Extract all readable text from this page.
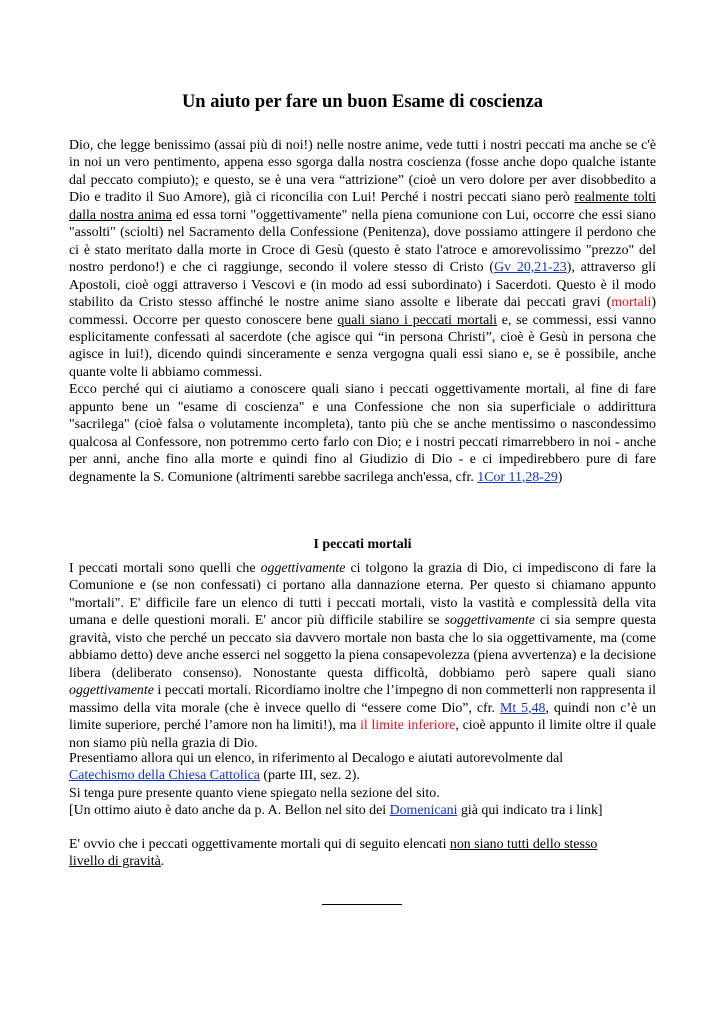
Un aiuto per fare un buon Esame di coscienza

Dio, che legge benissimo (assai più di noi!) nelle nostre anime, vede tutti i nostri peccati ma anche se c'è in noi un vero pentimento, appena esso sgorga dalla nostra coscienza (fosse anche dopo qualche istante dal peccato compiuto); e questo, se è una vera “attrizione” (cioè un vero dolore per aver disobbedito a Dio e tradito il Suo Amore), già ci riconcilia con Lui! Perché i nostri peccati siano però realmente tolti dalla nostra anima ed essa torni "oggettivamente" nella piena comunione con Lui, occorre che essi siano "assolti" (sciolti) nel Sacramento della Confessione (Penitenza), dove possiamo attingere il perdono che ci è stato meritato dalla morte in Croce di Gesù (questo è stato l'atroce e amorevolissimo "prezzo" del nostro perdono!) e che ci raggiunge, secondo il volere stesso di Cristo (Gv 20,21-23), attraverso gli Apostoli, cioè oggi attraverso i Vescovi e (in modo ad essi subordinato) i Sacerdoti. Questo è il modo stabilito da Cristo stesso affinché le nostre anime siano assolte e liberate dai peccati gravi (mortali) commessi. Occorre per questo conoscere bene quali siano i peccati mortali e, se commessi, essi vanno esplicitamente confessati al sacerdote (che agisce qui “in persona Christi”, cioè è Gesù in persona che agisce in lui!), dicendo quindi sinceramente e senza vergogna quali essi siano e, se è possibile, anche quante volte li abbiamo commessi.

Ecco perché qui ci aiutiamo a conoscere quali siano i peccati oggettivamente mortali, al fine di fare appunto bene un "esame di coscienza" e una Confessione che non sia superficiale o addirittura "sacrilega" (cioè falsa o volutamente incompleta), tanto più che se anche mentissimo o nascondessimo qualcosa al Confessore, non potremmo certo farlo con Dio; e i nostri peccati rimarrebbero in noi - anche per anni, anche fino alla morte e quindi fino al Giudizio di Dio - e ci impedirebbero pure di fare degnamente la S. Comunione (altrimenti sarebbe sacrilega anch'essa, cfr. 1Cor 11,28-29)

I peccati mortali

I peccati mortali sono quelli che oggettivamente ci tolgono la grazia di Dio, ci impediscono di fare la Comunione e (se non confessati) ci portano alla dannazione eterna. Per questo si chiamano appunto "mortali". E' difficile fare un elenco di tutti i peccati mortali, visto la vastità e complessità della vita umana e delle questioni morali. E' ancor più difficile stabilire se soggettivamente ci sia sempre questa gravità, visto che perché un peccato sia davvero mortale non basta che lo sia oggettivamente, ma (come abbiamo detto) deve anche esserci nel soggetto la piena consapevolezza (piena avvertenza) e la decisione libera (deliberato consenso). Nonostante questa difficoltà, dobbiamo però sapere quali siano oggettivamente i peccati mortali. Ricordiamo inoltre che l’impegno di non commetterli non rappresenta il massimo della vita morale (che è invece quello di “essere come Dio”, cfr. Mt 5,48, quindi non c’è un limite superiore, perché l’amore non ha limiti!), ma il limite inferiore, cioè appunto il limite oltre il quale non siamo più nella grazia di Dio.

Presentiamo allora qui un elenco, in riferimento al Decalogo e aiutati autorevolmente dal

Catechismo della Chiesa Cattolica (parte III, sez. 2).

Si tenga pure presente quanto viene spiegato nella sezione del sito.

[Un ottimo aiuto è dato anche da p. A. Bellon nel sito dei Domenicani già qui indicato tra i link]

E' ovvio che i peccati oggettivamente mortali qui di seguito elencati non siano tutti dello stesso livello di gravità.
